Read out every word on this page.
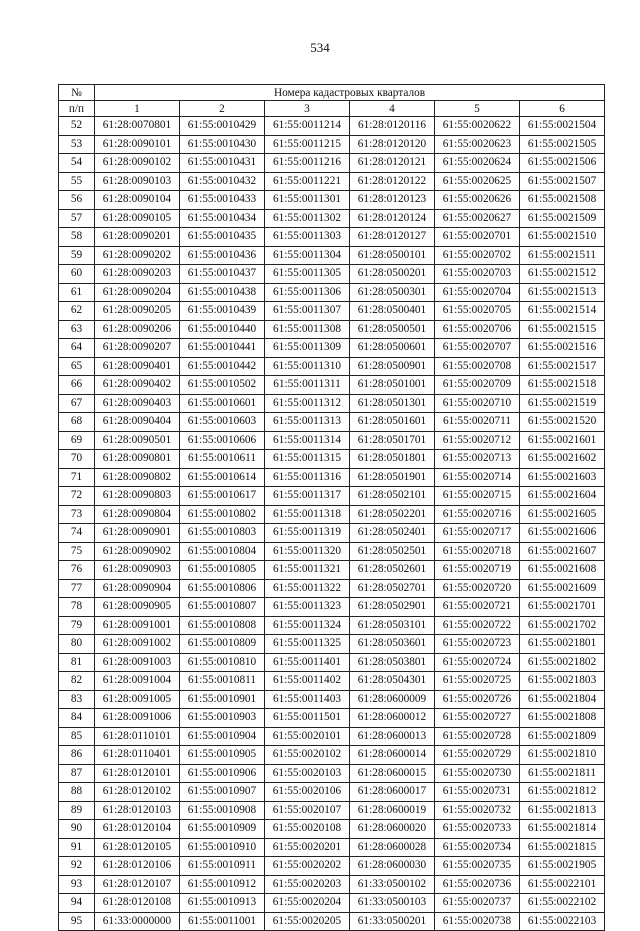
534
№	Номера кадастровых кварталов					
п/п	1	2	3	4	5	6
52	61:28:0070801	61:55:0010429	61:55:0011214	61:28:0120116	61:55:0020622	61:55:0021504
53	61:28:0090101	61:55:0010430	61:55:0011215	61:28:0120120	61:55:0020623	61:55:0021505
54	61:28:0090102	61:55:0010431	61:55:0011216	61:28:0120121	61:55:0020624	61:55:0021506
55	61:28:0090103	61:55:0010432	61:55:0011221	61:28:0120122	61:55:0020625	61:55:0021507
56	61:28:0090104	61:55:0010433	61:55:0011301	61:28:0120123	61:55:0020626	61:55:0021508
57	61:28:0090105	61:55:0010434	61:55:0011302	61:28:0120124	61:55:0020627	61:55:0021509
58	61:28:0090201	61:55:0010435	61:55:0011303	61:28:0120127	61:55:0020701	61:55:0021510
59	61:28:0090202	61:55:0010436	61:55:0011304	61:28:0500101	61:55:0020702	61:55:0021511
60	61:28:0090203	61:55:0010437	61:55:0011305	61:28:0500201	61:55:0020703	61:55:0021512
61	61:28:0090204	61:55:0010438	61:55:0011306	61:28:0500301	61:55:0020704	61:55:0021513
62	61:28:0090205	61:55:0010439	61:55:0011307	61:28:0500401	61:55:0020705	61:55:0021514
63	61:28:0090206	61:55:0010440	61:55:0011308	61:28:0500501	61:55:0020706	61:55:0021515
64	61:28:0090207	61:55:0010441	61:55:0011309	61:28:0500601	61:55:0020707	61:55:0021516
65	61:28:0090401	61:55:0010442	61:55:0011310	61:28:0500901	61:55:0020708	61:55:0021517
66	61:28:0090402	61:55:0010502	61:55:0011311	61:28:0501001	61:55:0020709	61:55:0021518
67	61:28:0090403	61:55:0010601	61:55:0011312	61:28:0501301	61:55:0020710	61:55:0021519
68	61:28:0090404	61:55:0010603	61:55:0011313	61:28:0501601	61:55:0020711	61:55:0021520
69	61:28:0090501	61:55:0010606	61:55:0011314	61:28:0501701	61:55:0020712	61:55:0021601
70	61:28:0090801	61:55:0010611	61:55:0011315	61:28:0501801	61:55:0020713	61:55:0021602
71	61:28:0090802	61:55:0010614	61:55:0011316	61:28:0501901	61:55:0020714	61:55:0021603
72	61:28:0090803	61:55:0010617	61:55:0011317	61:28:0502101	61:55:0020715	61:55:0021604
73	61:28:0090804	61:55:0010802	61:55:0011318	61:28:0502201	61:55:0020716	61:55:0021605
74	61:28:0090901	61:55:0010803	61:55:0011319	61:28:0502401	61:55:0020717	61:55:0021606
75	61:28:0090902	61:55:0010804	61:55:0011320	61:28:0502501	61:55:0020718	61:55:0021607
76	61:28:0090903	61:55:0010805	61:55:0011321	61:28:0502601	61:55:0020719	61:55:0021608
77	61:28:0090904	61:55:0010806	61:55:0011322	61:28:0502701	61:55:0020720	61:55:0021609
78	61:28:0090905	61:55:0010807	61:55:0011323	61:28:0502901	61:55:0020721	61:55:0021701
79	61:28:0091001	61:55:0010808	61:55:0011324	61:28:0503101	61:55:0020722	61:55:0021702
80	61:28:0091002	61:55:0010809	61:55:0011325	61:28:0503601	61:55:0020723	61:55:0021801
81	61:28:0091003	61:55:0010810	61:55:0011401	61:28:0503801	61:55:0020724	61:55:0021802
82	61:28:0091004	61:55:0010811	61:55:0011402	61:28:0504301	61:55:0020725	61:55:0021803
83	61:28:0091005	61:55:0010901	61:55:0011403	61:28:0600009	61:55:0020726	61:55:0021804
84	61:28:0091006	61:55:0010903	61:55:0011501	61:28:0600012	61:55:0020727	61:55:0021808
85	61:28:0110101	61:55:0010904	61:55:0020101	61:28:0600013	61:55:0020728	61:55:0021809
86	61:28:0110401	61:55:0010905	61:55:0020102	61:28:0600014	61:55:0020729	61:55:0021810
87	61:28:0120101	61:55:0010906	61:55:0020103	61:28:0600015	61:55:0020730	61:55:0021811
88	61:28:0120102	61:55:0010907	61:55:0020106	61:28:0600017	61:55:0020731	61:55:0021812
89	61:28:0120103	61:55:0010908	61:55:0020107	61:28:0600019	61:55:0020732	61:55:0021813
90	61:28:0120104	61:55:0010909	61:55:0020108	61:28:0600020	61:55:0020733	61:55:0021814
91	61:28:0120105	61:55:0010910	61:55:0020201	61:28:0600028	61:55:0020734	61:55:0021815
92	61:28:0120106	61:55:0010911	61:55:0020202	61:28:0600030	61:55:0020735	61:55:0021905
93	61:28:0120107	61:55:0010912	61:55:0020203	61:33:0500102	61:55:0020736	61:55:0022101
94	61:28:0120108	61:55:0010913	61:55:0020204	61:33:0500103	61:55:0020737	61:55:0022102
95	61:33:0000000	61:55:0011001	61:55:0020205	61:33:0500201	61:55:0020738	61:55:0022103
